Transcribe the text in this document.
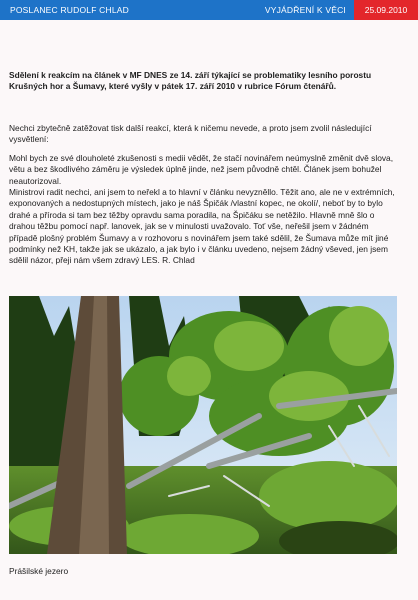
POSLANEC RUDOLF CHLAD	VYJÁDŘENÍ K VĚCI	25.09.2010

Sdělení k reakcím na článek v MF DNES ze 14. září týkající se problematiky lesního porostu Krušných hor a Šumavy, které vyšly v pátek 17. září 2010 v rubrice Fórum čtenářů.

Nechci zbytečně zatěžovat tisk další reakcí, která k ničemu nevede, a proto jsem zvolil následující vysvětlení:

Mohl bych ze své dlouholeté zkušenosti s medii vědět, že stačí novinářem neúmyslně změnit dvě slova, větu a bez škodlivého záměru je výsledek úplně jinde, než jsem původně chtěl. Článek jsem bohužel neautorizoval.

Ministrovi radit nechci, ani jsem to neřekl a to hlavní v článku nevyzněllo. Těžit ano, ale ne v extrémních, exponovaných a nedostupných místech, jako je náš Špičák /vlastní kopec, ne okolí/, neboť by to bylo drahé a příroda si tam bez těžby opravdu sama poradila, na Špičáku se netěžilo. Hlavně mně šlo o drahou těžbu pomocí např. lanovek, jak se v minulosti uvažovalo. Toť vše, neřešil jsem v žádném případě plošný problém Šumavy a v rozhovoru s novinářem jsem také sdělil, že Šumava může mít jiné podmínky než KH, takže jak se ukázalo, a jak bylo i v článku uvedeno, nejsem žádný vševed, jen jsem sdělil názor, přeji nám všem zdravý LES. R. Chlad

Prášilské jezero
